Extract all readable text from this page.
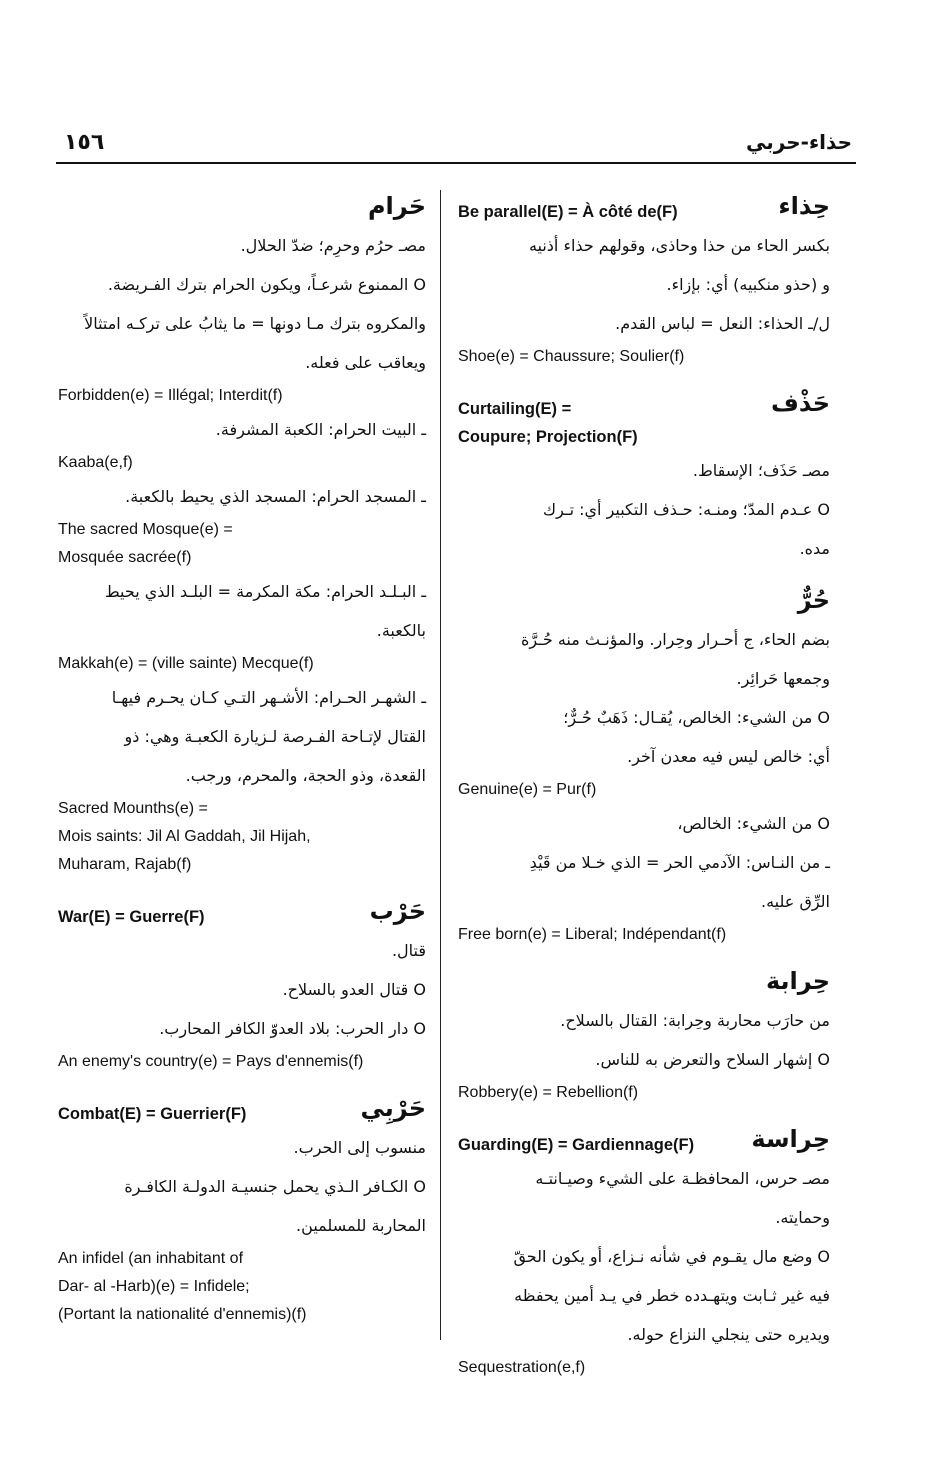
١٥٦	حذاء-حربي
Be parallel(E) = À côté de(F)	حِذاء

بكسر الحاء من حذا وحاذى، وقولهم حذاء أذنيه

و (حذو منكبيه) أي: بإزاء.

ل/ـ الحذاء: النعل = لباس القدم.

Shoe(e) = Chaussure; Soulier(f)

Curtailing(E) =	حَذْف
Coupure; Projection(F)

مصـ حَذَف؛ الإسقاط.

O عـدم المدّ؛ ومنـه: حـذف التكبير أي: تـرك

مده.

حُرٌّ

بضم الحاء، ج أحـرار وحِرار. والمؤنـث منه حُـرَّة

وجمعها حَرائِر.

O من الشيء: الخالص، يُقـال: ذَهَبٌ حُـرٌّ؛

أي: خالص ليس فيه معدن آخر.

Genuine(e) = Pur(f)

O من الشيء: الخالص،

ـ من النـاس: الآدمي الحر = الذي خـلا من قَيْدِ

الرِّق عليه.

Free born(e) = Liberal; Indépendant(f)

حِرابة

من حارَب محاربة وحِرابة: القتال بالسلاح.

O إشهار السلاح والتعرض به للناس.

Robbery(e) = Rebellion(f)

Guarding(E) = Gardiennage(F) حِراسة

مصـ حرس، المحافظـة على الشيء وصيـانتـه

وحمايته.

O وضع مال يقـوم في شأنه نـزاع، أو يكون الحقّ

فيه غير ثـابت ويتهـدده خطر في يـد أمين يحفظه

ويديره حتى ينجلي النزاع حوله.

Sequestration(e,f)

حَرام

مصـ حرُم وحرِم؛ ضدّ الحلال.

O الممنوع شرعـاً، ويكون الحرام بترك الفـريضة.

والمكروه بترك مـا دونها = ما يثابُ على تركـه امتثالاً

ويعاقب على فعله.

Forbidden(e) = Illégal; Interdit(f)

ـ البيت الحرام: الكعبة المشرفة.

Kaaba(e,f)

ـ المسجد الحرام: المسجد الذي يحيط بالكعبة.

The sacred Mosque(e) =

Mosquée sacrée(f)

ـ البـلـد الحرام: مكة المكرمة = البلـد الذي يحيط

بالكعبة.

Makkah(e) = (ville sainte) Mecque(f)

ـ الشهـر الحـرام: الأشـهر التـي كـان يحـرم فيهـا

القتال لإتـاحة الفـرصة لـزيارة الكعبـة وهي: ذو

القعدة، وذو الحجة، والمحرم، ورجب.

Sacred Mounths(e) =

Mois saints: Jil Al Gaddah, Jil Hijah,

Muharam, Rajab(f)

War(E) = Guerre(F)	حَرْب

قتال.

O قتال العدو بالسلاح.

O دار الحرب: بلاد العدوّ الكافر المحارب.

An enemy's country(e) = Pays d'ennemis(f)

Combat(E) = Guerrier(F)	حَرْبِي

منسوب إلى الحرب.

O الكـافر الـذي يحمل جنسيـة الدولـة الكافـرة

المحاربة للمسلمين.

An infidel (an inhabitant of

Dar- al -Harb)(e) = Infidele;

(Portant la nationalité d'ennemis)(f)
